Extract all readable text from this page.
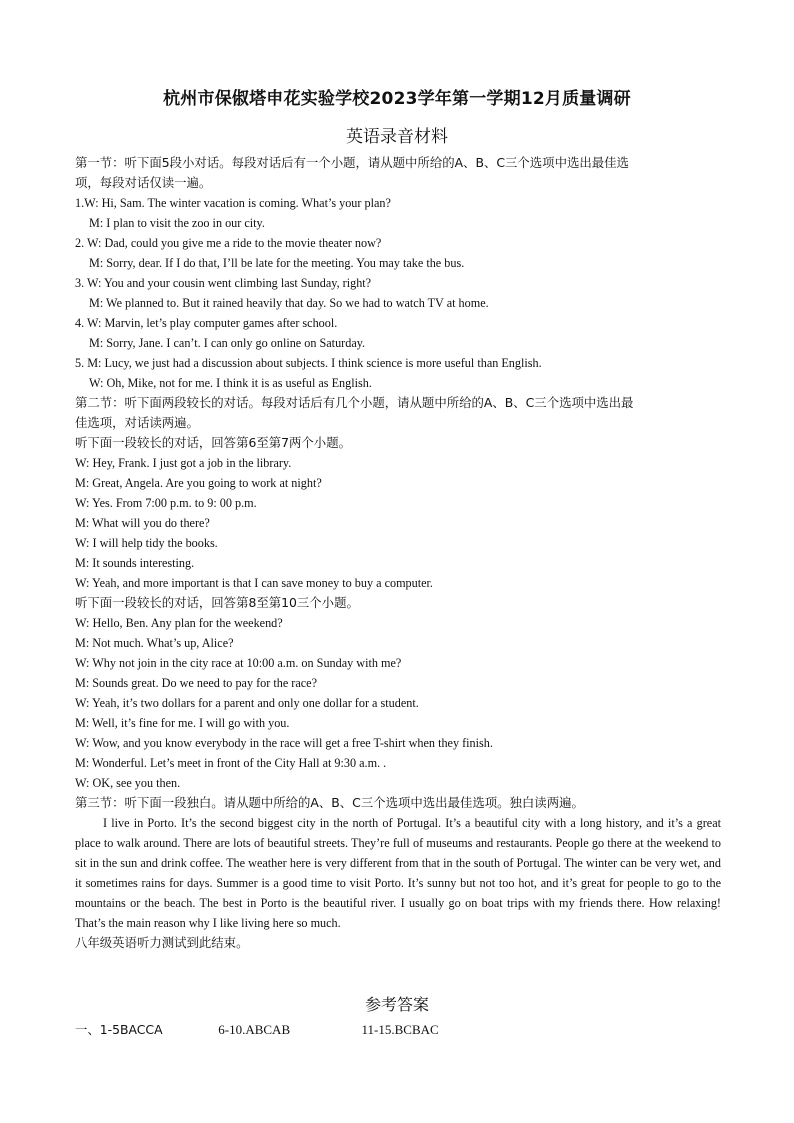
杭州市保俶塔申花实验学校2023学年第一学期12月质量调研
英语录音材料
第一节：听下面5段小对话。每段对话后有一个小题，请从题中所给的A、B、C三个选项中选出最佳选
项，每段对话仅读一遍。
1.W: Hi, Sam. The winter vacation is coming. What’s your plan?
M: I plan to visit the zoo in our city.
2. W: Dad, could you give me a ride to the movie theater now?
M: Sorry, dear. If I do that, I’ll be late for the meeting. You may take the bus.
3. W: You and your cousin went climbing last Sunday, right?
M: We planned to. But it rained heavily that day. So we had to watch TV at home.
4. W: Marvin, let’s play computer games after school.
M: Sorry, Jane. I can’t. I can only go online on Saturday.
5. M: Lucy, we just had a discussion about subjects. I think science is more useful than English.
W: Oh, Mike, not for me. I think it is as useful as English.
第二节：听下面两段较长的对话。每段对话后有几个小题，请从题中所给的A、B、C三个选项中选出最
佳选项，对话读两遍。
听下面一段较长的对话，回答第6至第7两个小题。
W: Hey, Frank. I just got a job in the library.
M: Great, Angela. Are you going to work at night?
W: Yes. From 7:00 p.m. to 9: 00 p.m.
M: What will you do there?
W: I will help tidy the books.
M: It sounds interesting.
W: Yeah, and more important is that I can save money to buy a computer.
听下面一段较长的对话，回答第8至第10三个小题。
W: Hello, Ben. Any plan for the weekend?
M: Not much. What’s up, Alice?
W: Why not join in the city race at 10:00 a.m. on Sunday with me?
M: Sounds great. Do we need to pay for the race?
W: Yeah, it’s two dollars for a parent and only one dollar for a student.
M: Well, it’s fine for me. I will go with you.
W: Wow, and you know everybody in the race will get a free T-shirt when they finish.
M: Wonderful. Let’s meet in front of the City Hall at 9:30 a.m. .
W: OK, see you then.
第三节：听下面一段独白。请从题中所给的A、B、C三个选项中选出最佳选项。独白读两遍。

I live in Porto. It’s the second biggest city in the north of Portugal. It’s a beautiful city with a long history, and it’s a great place to walk around. There are lots of beautiful streets. They’re full of museums and restaurants. People go there at the weekend to sit in the sun and drink coffee. The weather here is very different from that in the south of Portugal. The winter can be very wet, and it sometimes rains for days. Summer is a good time to visit Porto. It’s sunny but not too hot, and it’s great for people to go to the mountains or the beach. The best in Porto is the beautiful river. I usually go on boat trips with my friends there. How relaxing! That’s the main reason why I like living here so much.

八年级英语听力测试到此结束。
参考答案
一、1-5BACCA	6-10.ABCAB	11-15.BCBAC
